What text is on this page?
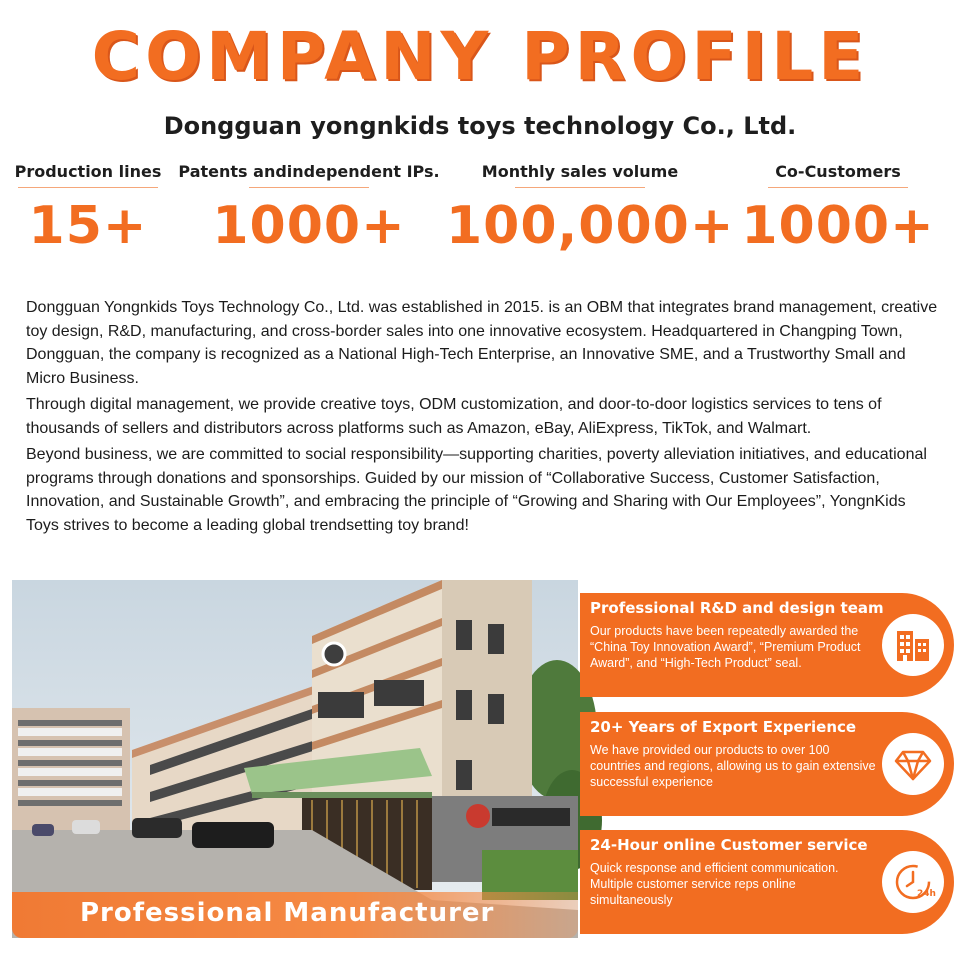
COMPANY PROFILE
Dongguan yongnkids toys technology Co., Ltd.
Production lines
15+
Patents andindependent IPs.
1000+
Monthly sales volume
100,000+
Co-Customers
1000+

Dongguan Yongnkids Toys Technology Co., Ltd. was established in 2015. is an OBM that integrates brand management, creative toy design, R&D, manufacturing, and cross-border sales into one innovative ecosystem. Headquartered in Changping Town, Dongguan, the company is recognized as a National High-Tech Enterprise, an Innovative SME, and a Trustworthy Small and Micro Business.

Through digital management, we provide creative toys, ODM customization, and door-to-door logistics services to tens of thousands of sellers and distributors across platforms such as Amazon, eBay, AliExpress, TikTok, and Walmart.

Beyond business, we are committed to social responsibility—supporting charities, poverty alleviation initiatives, and educational programs through donations and sponsorships. Guided by our mission of “Collaborative Success, Customer Satisfaction, Innovation, and Sustainable Growth”, and embracing the principle of “Growing and Sharing with Our Employees”, YongnKids Toys strives to become a leading global trendsetting toy brand!

Professional Manufacturer
Professional R&D and design team
Our products have been repeatedly awarded the “China Toy Innovation Award”, “Premium Product Award”, and “High-Tech Product” seal.
20+ Years of Export Experience
We have provided our products to over 100 countries and regions, allowing us to gain extensive successful experience
24-Hour online Customer service
Quick response and efficient communication. Multiple customer service reps online simultaneously	24h
